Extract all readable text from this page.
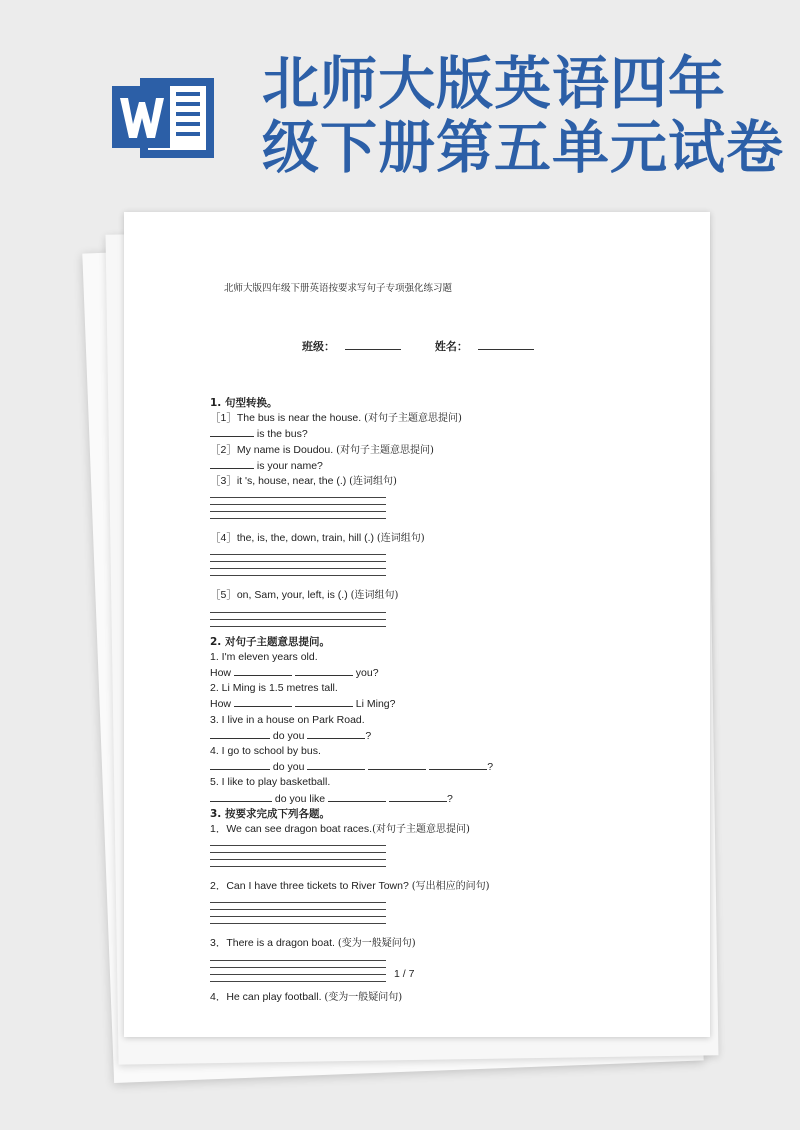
北师大版英语四年
级下册第五单元试卷
北师大版四年级下册英语按要求写句子专项强化练习题
班级：	姓名：
1. 句型转换。
［1］The bus is near the house. (对句子主题意思提问)
is the bus?
［2］My name is Doudou. (对句子主题意思提问)
is your name?
［3］it 's, house, near, the (.) (连词组句)
［4］the, is, the, down, train, hill (.) (连词组句)
［5］on, Sam, your, left, is (.) (连词组句)
2. 对句子主题意思提问。
1. I'm eleven years old.
How	you?
2. Li Ming is 1.5 metres tall.
How	Li Ming?
3. I live in a house on Park Road.
do you	?
4. I go to school by bus.
do you	?
5. I like to play basketball.
do you like	?
3. 按要求完成下列各题。
1．We can see dragon boat races.(对句子主题意思提问)
2．Can I have three tickets to River Town? (写出相应的问句)
3．There is a dragon boat. (变为一般疑问句)
4．He can play football. (变为一般疑问句)
1 / 7
